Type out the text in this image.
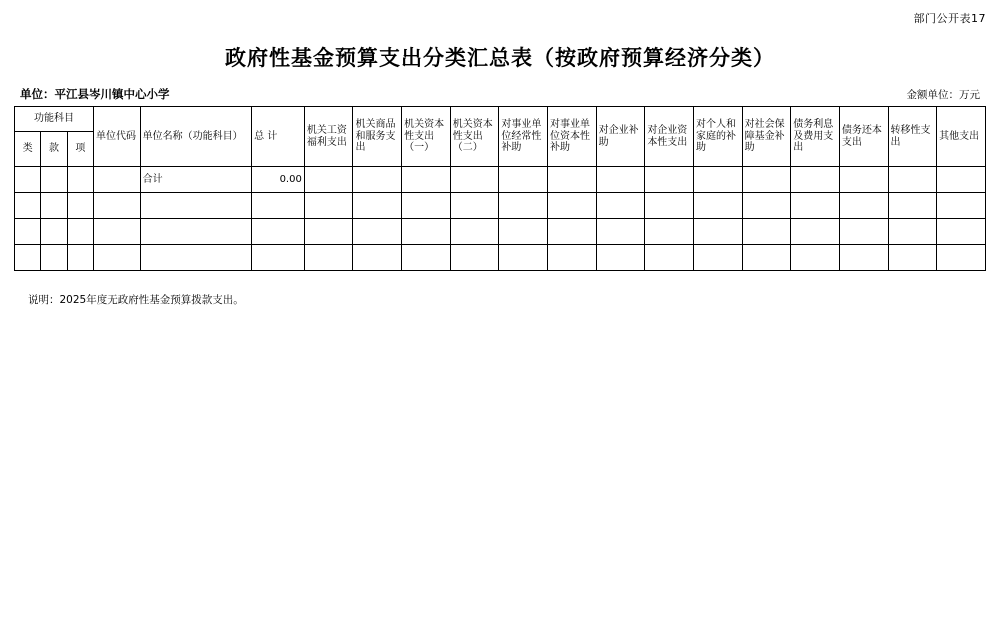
部门公开表17
政府性基金预算支出分类汇总表（按政府预算经济分类）
单位：平江县岑川镇中心小学	金额单位：万元
功能科目			单位代码	单位名称（功能科目）	总 计	机关工资福利支出	机关商品和服务支出	机关资本性支出（一）	机关资本性支出（二）	对事业单位经常性补助	对事业单位资本性补助	对企业补助	对企业资本性支出	对个人和家庭的补助	对社会保障基金补助	债务利息及费用支出	债务还本支出	转移性支出	其他支出
类	款	项																	
				合计	0.00														

说明：2025年度无政府性基金预算拨款支出。
